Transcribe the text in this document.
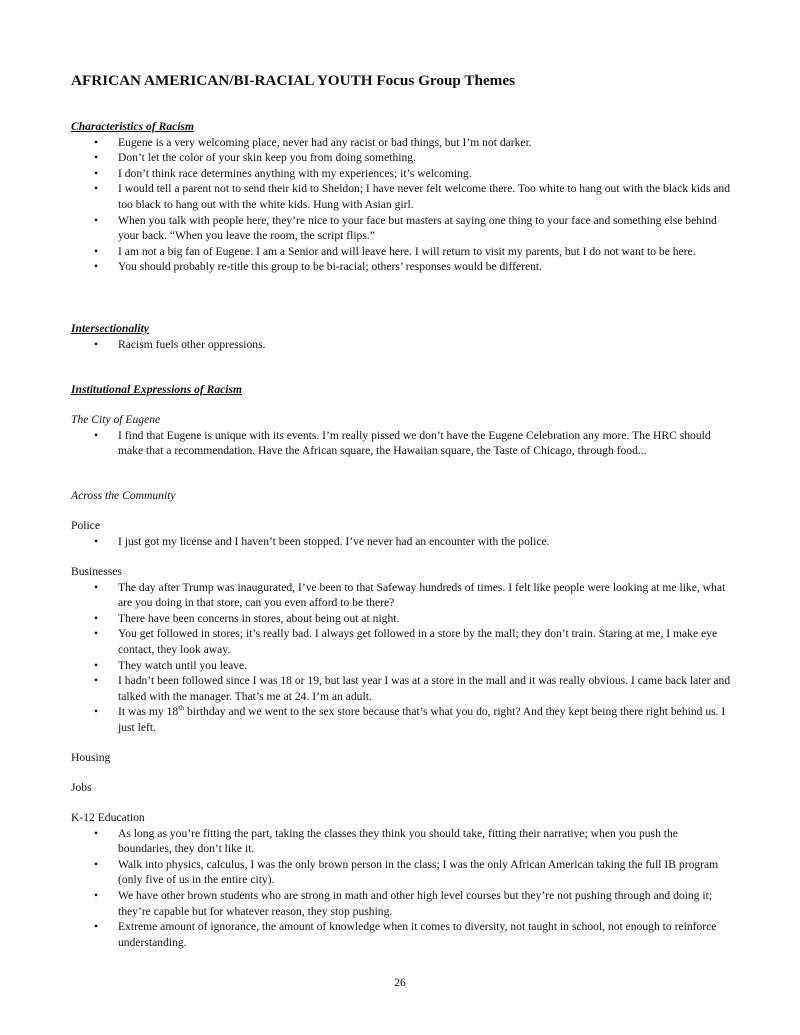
AFRICAN AMERICAN/BI-RACIAL YOUTH Focus Group Themes

Characteristics of Racism

• Eugene is a very welcoming place, never had any racist or bad things, but I’m not darker.
• Don’t let the color of your skin keep you from doing something.
• I don’t think race determines anything with my experiences; it’s welcoming.
• I would tell a parent not to send their kid to Sheldon; I have never felt welcome there. Too white to hang out with the black kids and too black to hang out with the white kids. Hung with Asian girl.
• When you talk with people here, they’re nice to your face but masters at saying one thing to your face and something else behind your back. “When you leave the room, the script flips.”
• I am not a big fan of Eugene. I am a Senior and will leave here. I will return to visit my parents, but I do not want to be here.
• You should probably re-title this group to be bi-racial; others’ responses would be different.

Intersectionality

• Racism fuels other oppressions.

Institutional Expressions of Racism

The City of Eugene

• I find that Eugene is unique with its events. I’m really pissed we don’t have the Eugene Celebration any more. The HRC should make that a recommendation. Have the African square, the Hawaiian square, the Taste of Chicago, through food...

Across the Community

Police

• I just got my license and I haven’t been stopped. I’ve never had an encounter with the police.

Businesses

• The day after Trump was inaugurated, I’ve been to that Safeway hundreds of times. I felt like people were looking at me like, what are you doing in that store, can you even afford to be there?
• There have been concerns in stores, about being out at night.
• You get followed in stores; it’s really bad. I always get followed in a store by the mall; they don’t train. Staring at me, I make eye contact, they look away.
• They watch until you leave.
• I hadn’t been followed since I was 18 or 19, but last year I was at a store in the mall and it was really obvious. I came back later and talked with the manager. That’s me at 24. I’m an adult.
• It was my 18th birthday and we went to the sex store because that’s what you do, right? And they kept being there right behind us. I just left.

Housing

Jobs

K-12 Education

• As long as you’re fitting the part, taking the classes they think you should take, fitting their narrative; when you push the boundaries, they don’t like it.
• Walk into physics, calculus, I was the only brown person in the class; I was the only African American taking the full IB program (only five of us in the entire city).
• We have other brown students who are strong in math and other high level courses but they’re not pushing through and doing it; they’re capable but for whatever reason, they stop pushing.
• Extreme amount of ignorance, the amount of knowledge when it comes to diversity, not taught in school, not enough to reinforce understanding.
26
